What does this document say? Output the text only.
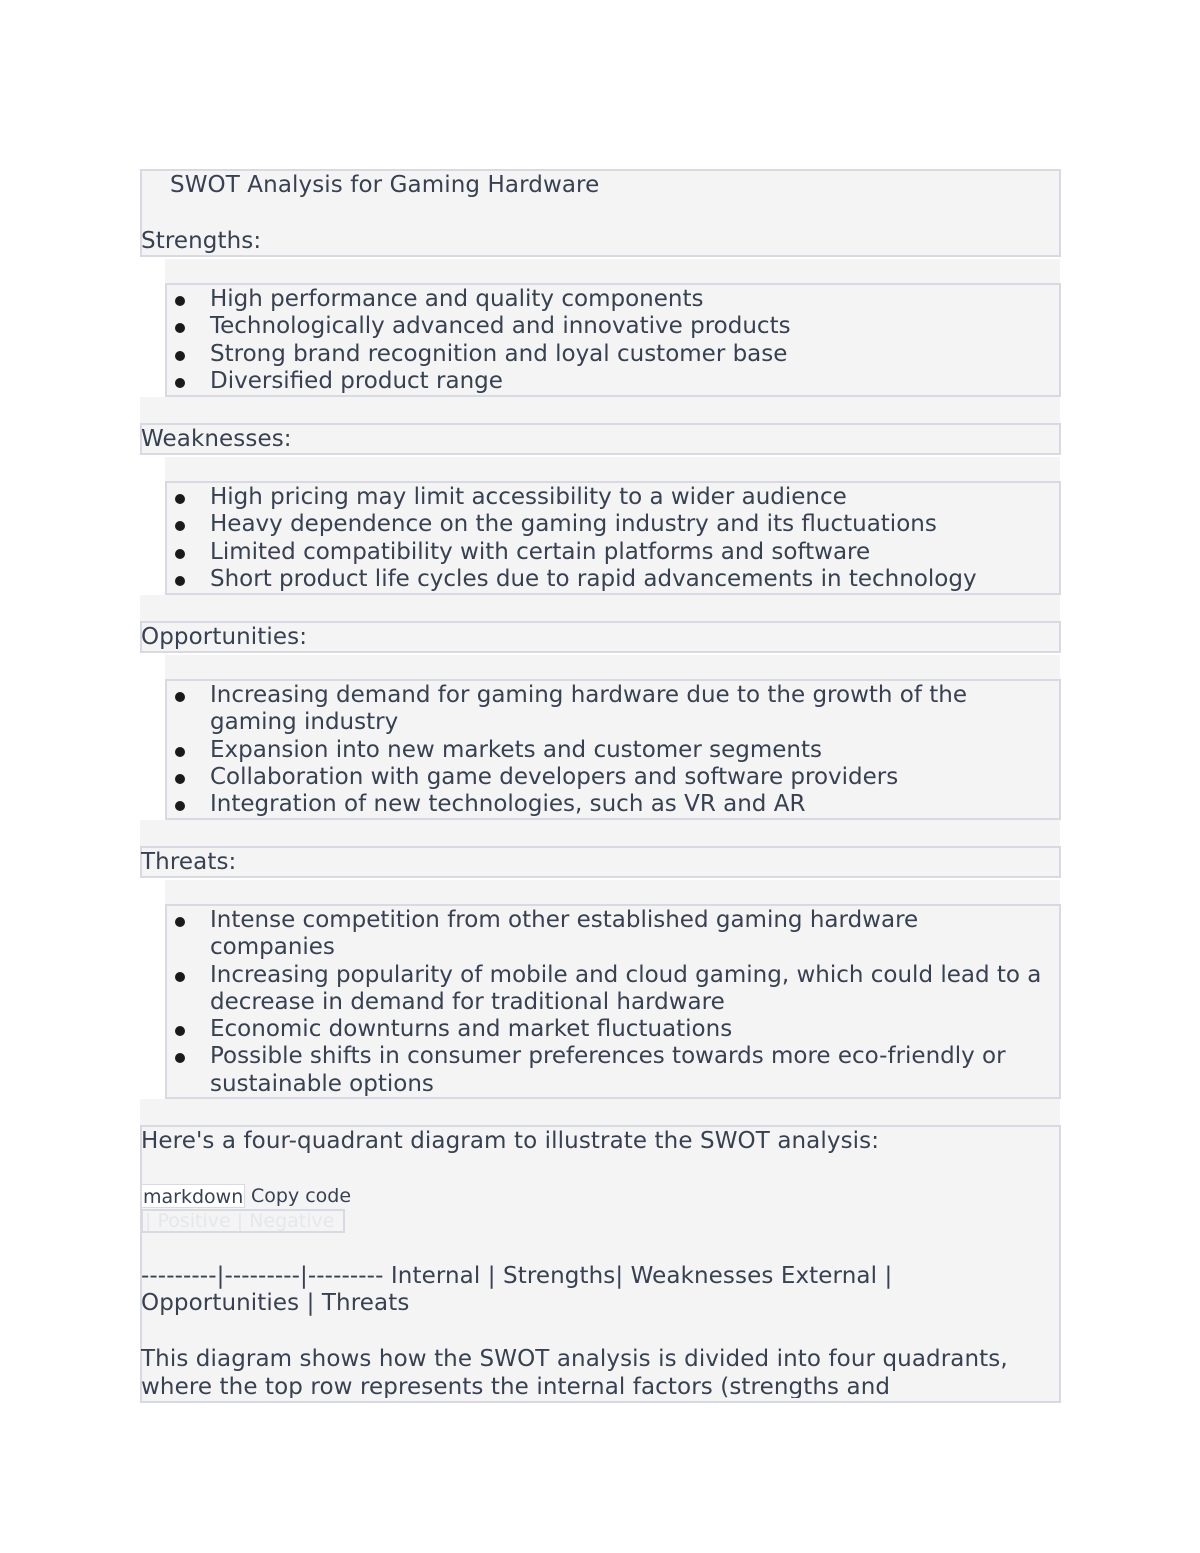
SWOT Analysis for Gaming Hardware
Strengths:
High performance and quality components
Technologically advanced and innovative products
Strong brand recognition and loyal customer base
Diversified product range
Weaknesses:
High pricing may limit accessibility to a wider audience
Heavy dependence on the gaming industry and its fluctuations
Limited compatibility with certain platforms and software
Short product life cycles due to rapid advancements in technology
Opportunities:
Increasing demand for gaming hardware due to the growth of the gaming industry
Expansion into new markets and customer segments
Collaboration with game developers and software providers
Integration of new technologies, such as VR and AR
Threats:
Intense competition from other established gaming hardware companies
Increasing popularity of mobile and cloud gaming, which could lead to a decrease in demand for traditional hardware
Economic downturns and market fluctuations
Possible shifts in consumer preferences towards more eco-friendly or sustainable options
Here's a four-quadrant diagram to illustrate the SWOT analysis:
markdown Copy code
| Positive | Negative
---------|---------|--------- Internal | Strengths| Weaknesses External |
Opportunities | Threats
This diagram shows how the SWOT analysis is divided into four quadrants,
where the top row represents the internal factors (strengths and
